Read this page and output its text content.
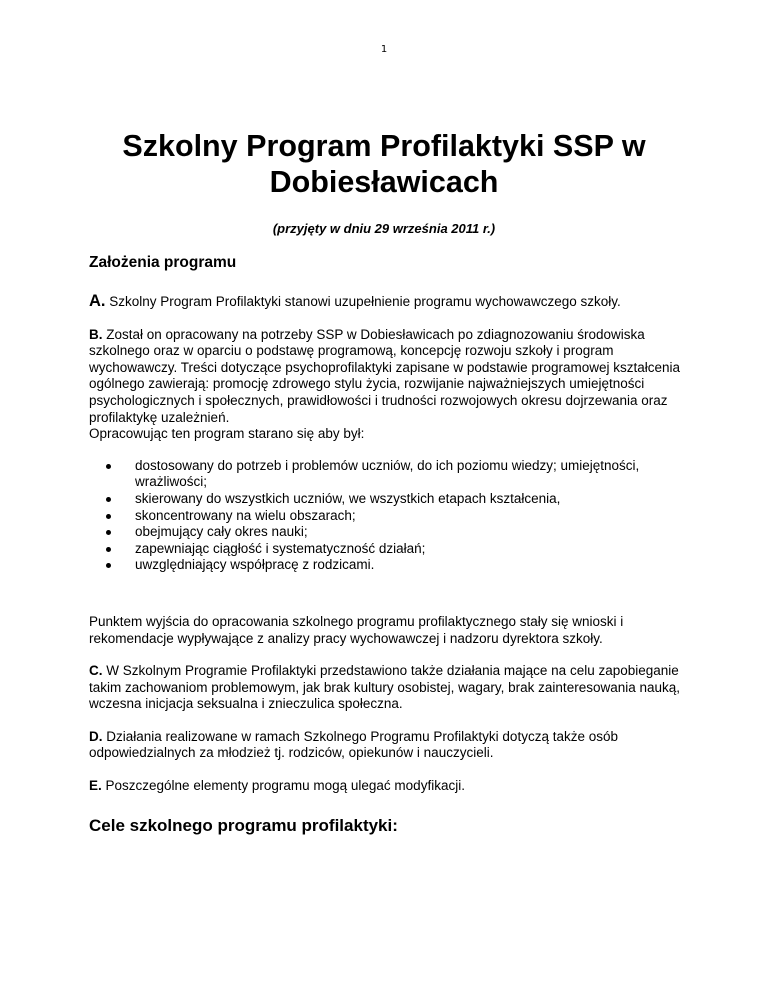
1
Szkolny Program Profilaktyki SSP w Dobiesławicach

(przyjęty w dniu 29 września 2011 r.)

Założenia programu

A. Szkolny Program Profilaktyki stanowi uzupełnienie programu wychowawczego szkoły.

B. Został on opracowany na potrzeby SSP w Dobiesławicach po zdiagnozowaniu środowiska szkolnego oraz w oparciu o podstawę programową, koncepcję rozwoju szkoły i program wychowawczy. Treści dotyczące psychoprofilaktyki zapisane w podstawie programowej kształcenia ogólnego zawierają: promocję zdrowego stylu życia, rozwijanie najważniejszych umiejętności psychologicznych i społecznych, prawidłowości i trudności rozwojowych okresu dojrzewania oraz profilaktykę uzależnień.

Opracowując ten program starano się aby był:

dostosowany do potrzeb i problemów uczniów, do ich poziomu wiedzy; umiejętności, wrażliwości;
skierowany do wszystkich uczniów, we wszystkich etapach kształcenia,
skoncentrowany na wielu obszarach;
obejmujący cały okres nauki;
zapewniając ciągłość i systematyczność działań;
uwzględniający współpracę z rodzicami.

Punktem wyjścia do opracowania szkolnego programu profilaktycznego stały się wnioski i rekomendacje wypływające z analizy pracy wychowawczej i nadzoru dyrektora szkoły.

C. W Szkolnym Programie Profilaktyki przedstawiono także działania mające na celu zapobieganie takim zachowaniom problemowym, jak brak kultury osobistej, wagary, brak zainteresowania nauką, wczesna inicjacja seksualna i znieczulica społeczna.

D. Działania realizowane w ramach Szkolnego Programu Profilaktyki dotyczą także osób odpowiedzialnych za młodzież tj. rodziców, opiekunów i nauczycieli.

E. Poszczególne elementy programu mogą ulegać modyfikacji.

Cele szkolnego programu profilaktyki:
